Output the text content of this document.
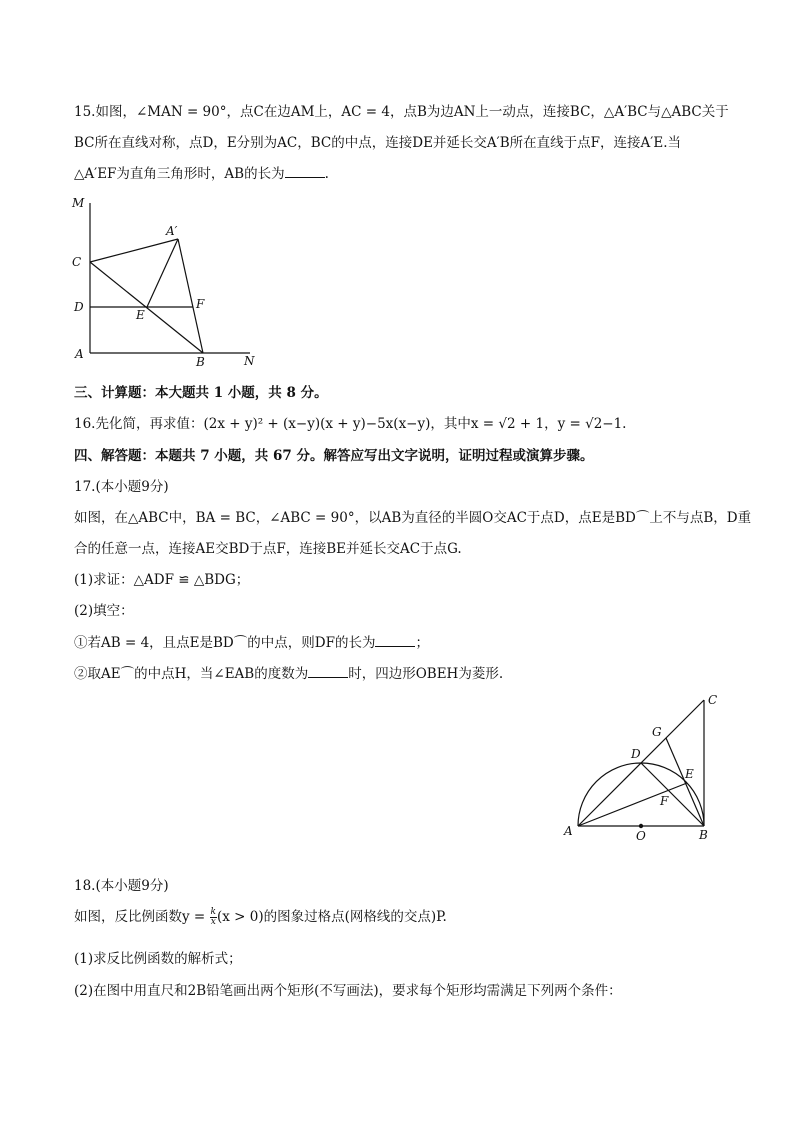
15.如图，∠MAN = 90°，点C在边AM上，AC = 4，点B为边AN上一动点，连接BC，△A′BC与△ABC关于
BC所在直线对称，点D，E分别为AC，BC的中点，连接DE并延长交A′B所在直线于点F，连接A′E.当
△A′EF为直角三角形时，AB的长为	.
M
A′
C
D
E
F
A
B	N
三、计算题：本大题共 1 小题，共 8 分。
16.先化简，再求值：(2x + y)² + (x−y)(x + y)−5x(x−y)，其中x = √2 + 1，y = √2−1.
四、解答题：本题共 7 小题，共 67 分。解答应写出文字说明，证明过程或演算步骤。
17.(本小题9分)
如图，在△ABC中，BA = BC，∠ABC = 90°，以AB为直径的半圆O交AC于点D，点E是BD⌒上不与点B，D重
合的任意一点，连接AE交BD于点F，连接BE并延长交AC于点G.
(1)求证：△ADF ≌ △BDG；
(2)填空：
①若AB = 4，且点E是BD⌒的中点，则DF的长为	；
②取AE⌒的中点H，当∠EAB的度数为	时，四边形OBEH为菱形.
C
G
D
E
F
A	O	B
18.(本小题9分)
如图，反比例函数$y = \frac{k}{x} (x > 0)$的图象过格点(网格线的交点)P.
(1)求反比例函数的解析式；
(2)在图中用直尺和2B铅笔画出两个矩形(不写画法)，要求每个矩形均需满足下列两个条件：
